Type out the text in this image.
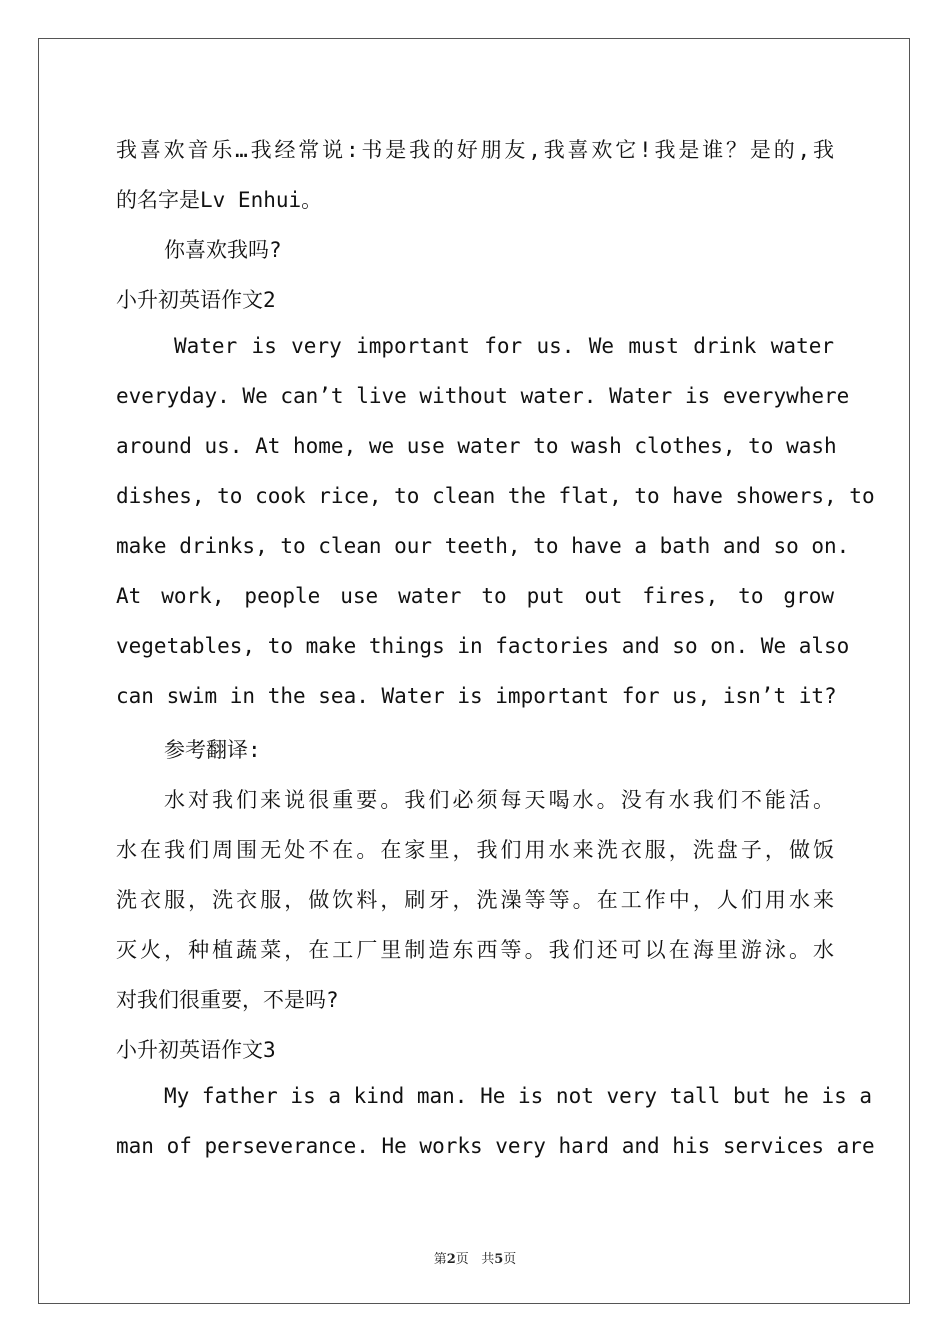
我喜欢音乐…我经常说:书是我的好朋友,我喜欢它!我是谁？是的,我
的名字是Lv Enhui。
你喜欢我吗?
小升初英语作文2
Water is very important for us. We must drink water
everyday. We can’t live without water. Water is everywhere
around us. At home, we use water to wash clothes, to wash
dishes, to cook rice, to clean the flat, to have showers, to
make drinks, to clean our teeth, to have a bath and so on.
At work, people use water to put out fires, to grow
vegetables, to make things in factories and so on. We also
can swim in the sea. Water is important for us, isn’t it?
参考翻译:
水对我们来说很重要。我们必须每天喝水。没有水我们不能活。
水在我们周围无处不在。在家里，我们用水来洗衣服，洗盘子，做饭
洗衣服，洗衣服，做饮料，刷牙，洗澡等等。在工作中，人们用水来
灭火，种植蔬菜，在工厂里制造东西等。我们还可以在海里游泳。水
对我们很重要，不是吗?
小升初英语作文3
My father is a kind man. He is not very tall but he is a
man of perseverance. He works very hard and his services are
第2页   共5页
